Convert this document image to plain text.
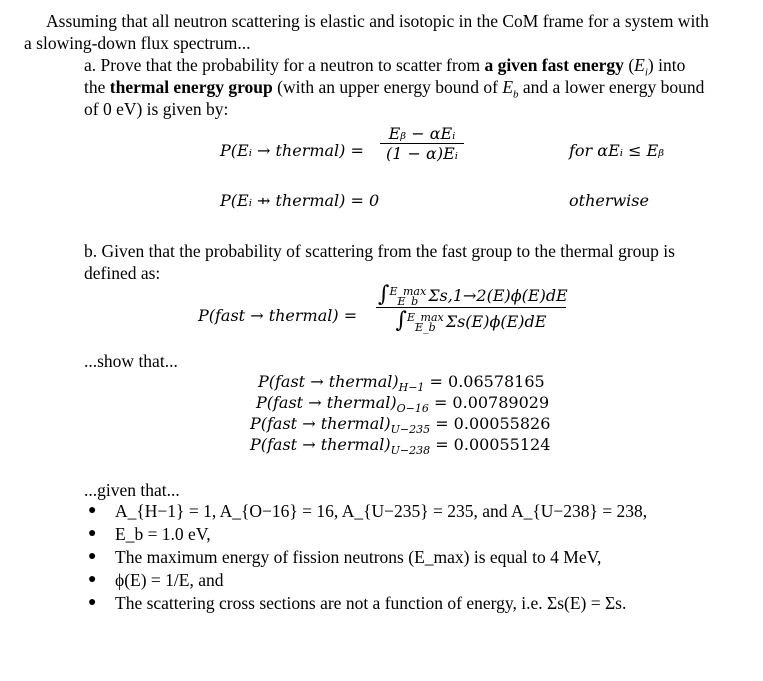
Assuming that all neutron scattering is elastic and isotopic in the CoM frame for a system with
a slowing-down flux spectrum...
a. Prove that the probability for a neutron to scatter from a given fast energy $(E_i)$ into
the thermal energy group (with an upper energy bound of $E_b$ and a lower energy bound
of 0 eV) is given by:
P(Eᵢ → thermal) =
Eᵦ − αEᵢ
(1 − α)Eᵢ	for αEᵢ ≤ Eᵦ
P(Eᵢ ⇸ thermal) = 0	otherwise
b. Given that the probability of scattering from the fast group to the thermal group is
defined as:
P(fast → thermal) =
∫ E_max
E_b Σs,1→2(E)ϕ(E)dE
∫ E_max
E_b Σs(E)ϕ(E)dE
...show that...
P(fast → $thermal)_{H-1} = 0.06578165$
P(fast → $thermal)_{O-16} = 0.00789029$
P(fast → $thermal)_{U-235} = 0.00055826$
P(fast → $thermal)_{U-238} = 0.00055124$
...given that...
● A_{H−1} = 1, A_{O−16} = 16, A_{U−235} = 235, and A_{U−238} = 238,
● E_b = 1.0 eV,
● The maximum energy of fission neutrons (E_max) is equal to 4 MeV,
● ϕ(E) = 1/E, and
● The scattering cross sections are not a function of energy, i.e. Σs(E) = Σs.
